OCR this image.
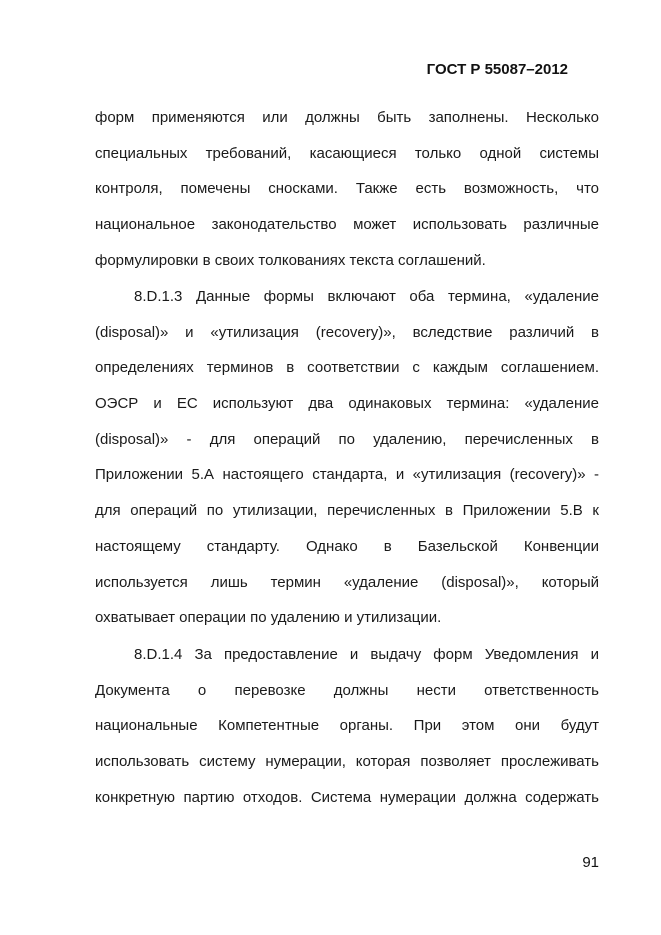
ГОСТ Р 55087–2012
форм применяются или должны быть заполнены. Несколько
специальных требований, касающиеся только одной системы
контроля, помечены сносками. Также есть возможность, что
национальное законодательство может использовать различные
формулировки в своих толкованиях текста соглашений.
8.D.1.3 Данные формы включают оба термина, «удаление
(disposal)» и «утилизация (recovery)», вследствие различий в
определениях терминов в соответствии с каждым соглашением.
ОЭСР и ЕС используют два одинаковых термина: «удаление
(disposal)» - для операций по удалению, перечисленных в
Приложении 5.А настоящего стандарта, и «утилизация (recovery)» -
для операций по утилизации, перечисленных в Приложении 5.В к
настоящему стандарту. Однако в Базельской Конвенции
используется лишь термин «удаление (disposal)», который
охватывает операции по удалению и утилизации.
8.D.1.4 За предоставление и выдачу форм Уведомления и
Документа о перевозке должны нести ответственность
национальные Компетентные органы. При этом они будут
использовать систему нумерации, которая позволяет прослеживать
конкретную партию отходов. Система нумерации должна содержать
91
